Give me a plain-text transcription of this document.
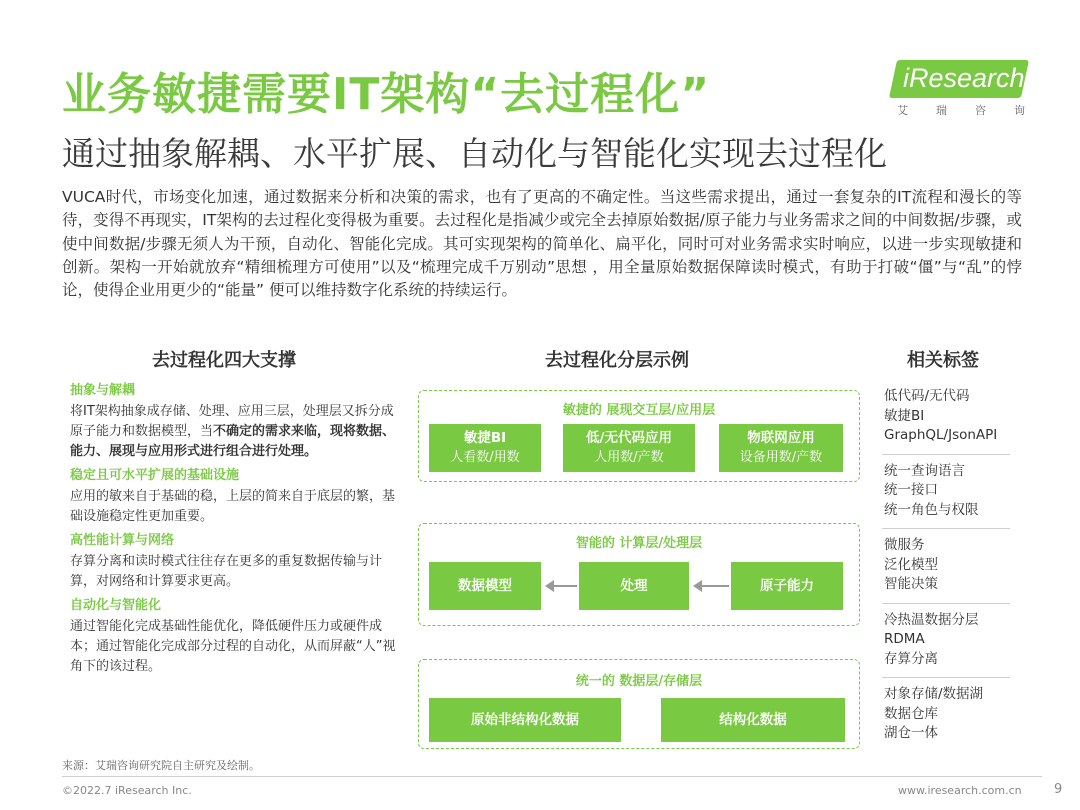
业务敏捷需要IT架构“去过程化”
通过抽象解耦、水平扩展、自动化与智能化实现去过程化
iResearch
艾	瑞	咨	询
VUCA时代，市场变化加速，通过数据来分析和决策的需求，也有了更高的不确定性。当这些需求提出，通过一套复杂的IT流程和漫长的等待，变得不再现实，IT架构的去过程化变得极为重要。去过程化是指减少或完全去掉原始数据/原子能力与业务需求之间的中间数据/步骤，或使中间数据/步骤无须人为干预，自动化、智能化完成。其可实现架构的简单化、扁平化，同时可对业务需求实时响应，以进一步实现敏捷和创新。架构一开始就放弃“精细梳理方可使用”以及“梳理完成千万别动”思想 ，用全量原始数据保障读时模式，有助于打破“僵”与“乱”的悖论，使得企业用更少的“能量” 便可以维持数字化系统的持续运行。
去过程化四大支撑	去过程化分层示例	相关标签
抽象与解耦
将IT架构抽象成存储、处理、应用三层，处理层又拆分成原子能力和数据模型，当不确定的需求来临，现将数据、能力、展现与应用形式进行组合进行处理。
稳定且可水平扩展的基础设施
应用的敏来自于基础的稳，上层的简来自于底层的繁，基础设施稳定性更加重要。
高性能计算与网络
存算分离和读时模式往往存在更多的重复数据传输与计算，对网络和计算要求更高。
自动化与智能化
通过智能化完成基础性能优化，降低硬件压力或硬件成本；通过智能化完成部分过程的自动化，从而屏蔽“人”视角下的该过程。
敏捷的 展现交互层/应用层
敏捷BI
人看数/用数
低/无代码应用
人用数/产数
物联网应用
设备用数/产数
智能的 计算层/处理层
数据模型	处理	原子能力
统一的 数据层/存储层
原始非结构化数据	结构化数据
低代码/无代码
敏捷BI
GraphQL/JsonAPI
统一查询语言
统一接口
统一角色与权限
微服务
泛化模型
智能决策
冷热温数据分层
RDMA
存算分离
对象存储/数据湖
数据仓库
湖仓一体
来源：艾瑞咨询研究院自主研究及绘制。
©2022.7 iResearch Inc.	www.iresearch.com.cn 9
